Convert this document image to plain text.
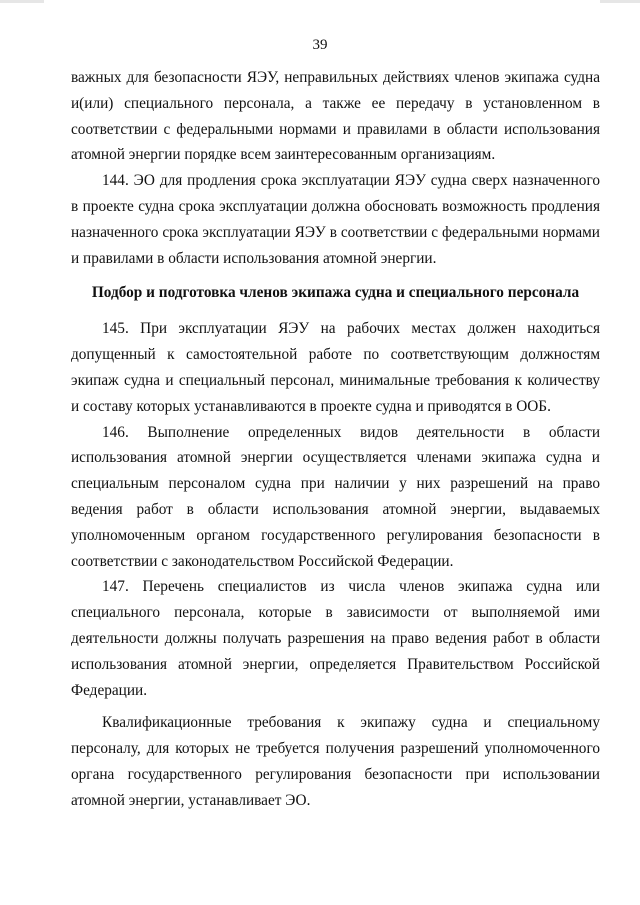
39

важных для безопасности ЯЭУ, неправильных действиях членов экипажа судна и(или) специального персонала, а также ее передачу в установленном в соответствии с федеральными нормами и правилами в области использования атомной энергии порядке всем заинтересованным организациям.

144. ЭО для продления срока эксплуатации ЯЭУ судна сверх назначенного в проекте судна срока эксплуатации должна обосновать возможность продления назначенного срока эксплуатации ЯЭУ в соответствии с федеральными нормами и правилами в области использования атомной энергии.

Подбор и подготовка членов экипажа судна и специального персонала

145. При эксплуатации ЯЭУ на рабочих местах должен находиться допущенный к самостоятельной работе по соответствующим должностям экипаж судна и специальный персонал, минимальные требования к количеству и составу которых устанавливаются в проекте судна и приводятся в ООБ.

146. Выполнение определенных видов деятельности в области использования атомной энергии осуществляется членами экипажа судна и специальным персоналом судна при наличии у них разрешений на право ведения работ в области использования атомной энергии, выдаваемых уполномоченным органом государственного регулирования безопасности в соответствии с законодательством Российской Федерации.

147. Перечень специалистов из числа членов экипажа судна или специального персонала, которые в зависимости от выполняемой ими деятельности должны получать разрешения на право ведения работ в области использования атомной энергии, определяется Правительством Российской Федерации.

Квалификационные требования к экипажу судна и специальному персоналу, для которых не требуется получения разрешений уполномоченного органа государственного регулирования безопасности при использовании атомной энергии, устанавливает ЭО.
